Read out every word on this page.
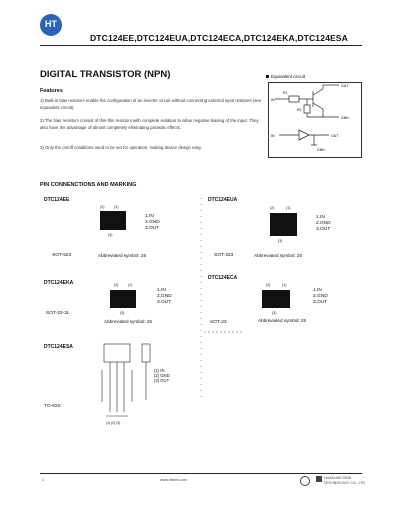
HT
DTC124EE,DTC124EUA,DTC124ECA,DTC124EKA,DTC124ESA
DIGITAL TRANSISTOR (NPN)	Equivalent circuit
R1
R2
IN
OUT
GND
IN	OUT
GND
Features
1) Built-in bias resistors enable the configuration of an inverter circuit without connecting external input resistors (see equivalent circuit).
2) The bias resistors consist of thin-film resistors with complete isolation to allow negative biasing of the input. They also have the advantage of almost completely eliminating parasitic effects.
3) Only the on/off conditions need to be set for operation, making device design easy.
PIN CONNENCTIONS AND MARKING
DTC124EE
(2)	(1)
(3)
1.IN
2.GND
3.OUT
SOT-523	Abbreviated symbol: 25
DTC124EUA
(2)	(1)
(3)
1.IN
2.GND
3.OUT
SOT-323	Abbreviated symbol: 25
DTC124EKA	(2)	(1)
(3)
1.IN
2.GND
3.OUT
SOT-23-3L
Abbreviated symbol: 25
DTC124ECA
(2)	(1)
(3)
1.IN
2.GND
3.OUT
SOT-23	Abbreviated symbol: 25
DTC124ESA
(1) IN
(2) GND
(3) OUT
TO-92S
(1) (2) (3)
1	www.htsemi.com	HUAXUAN SEMI
TECHNOLOGY CO., LTD
